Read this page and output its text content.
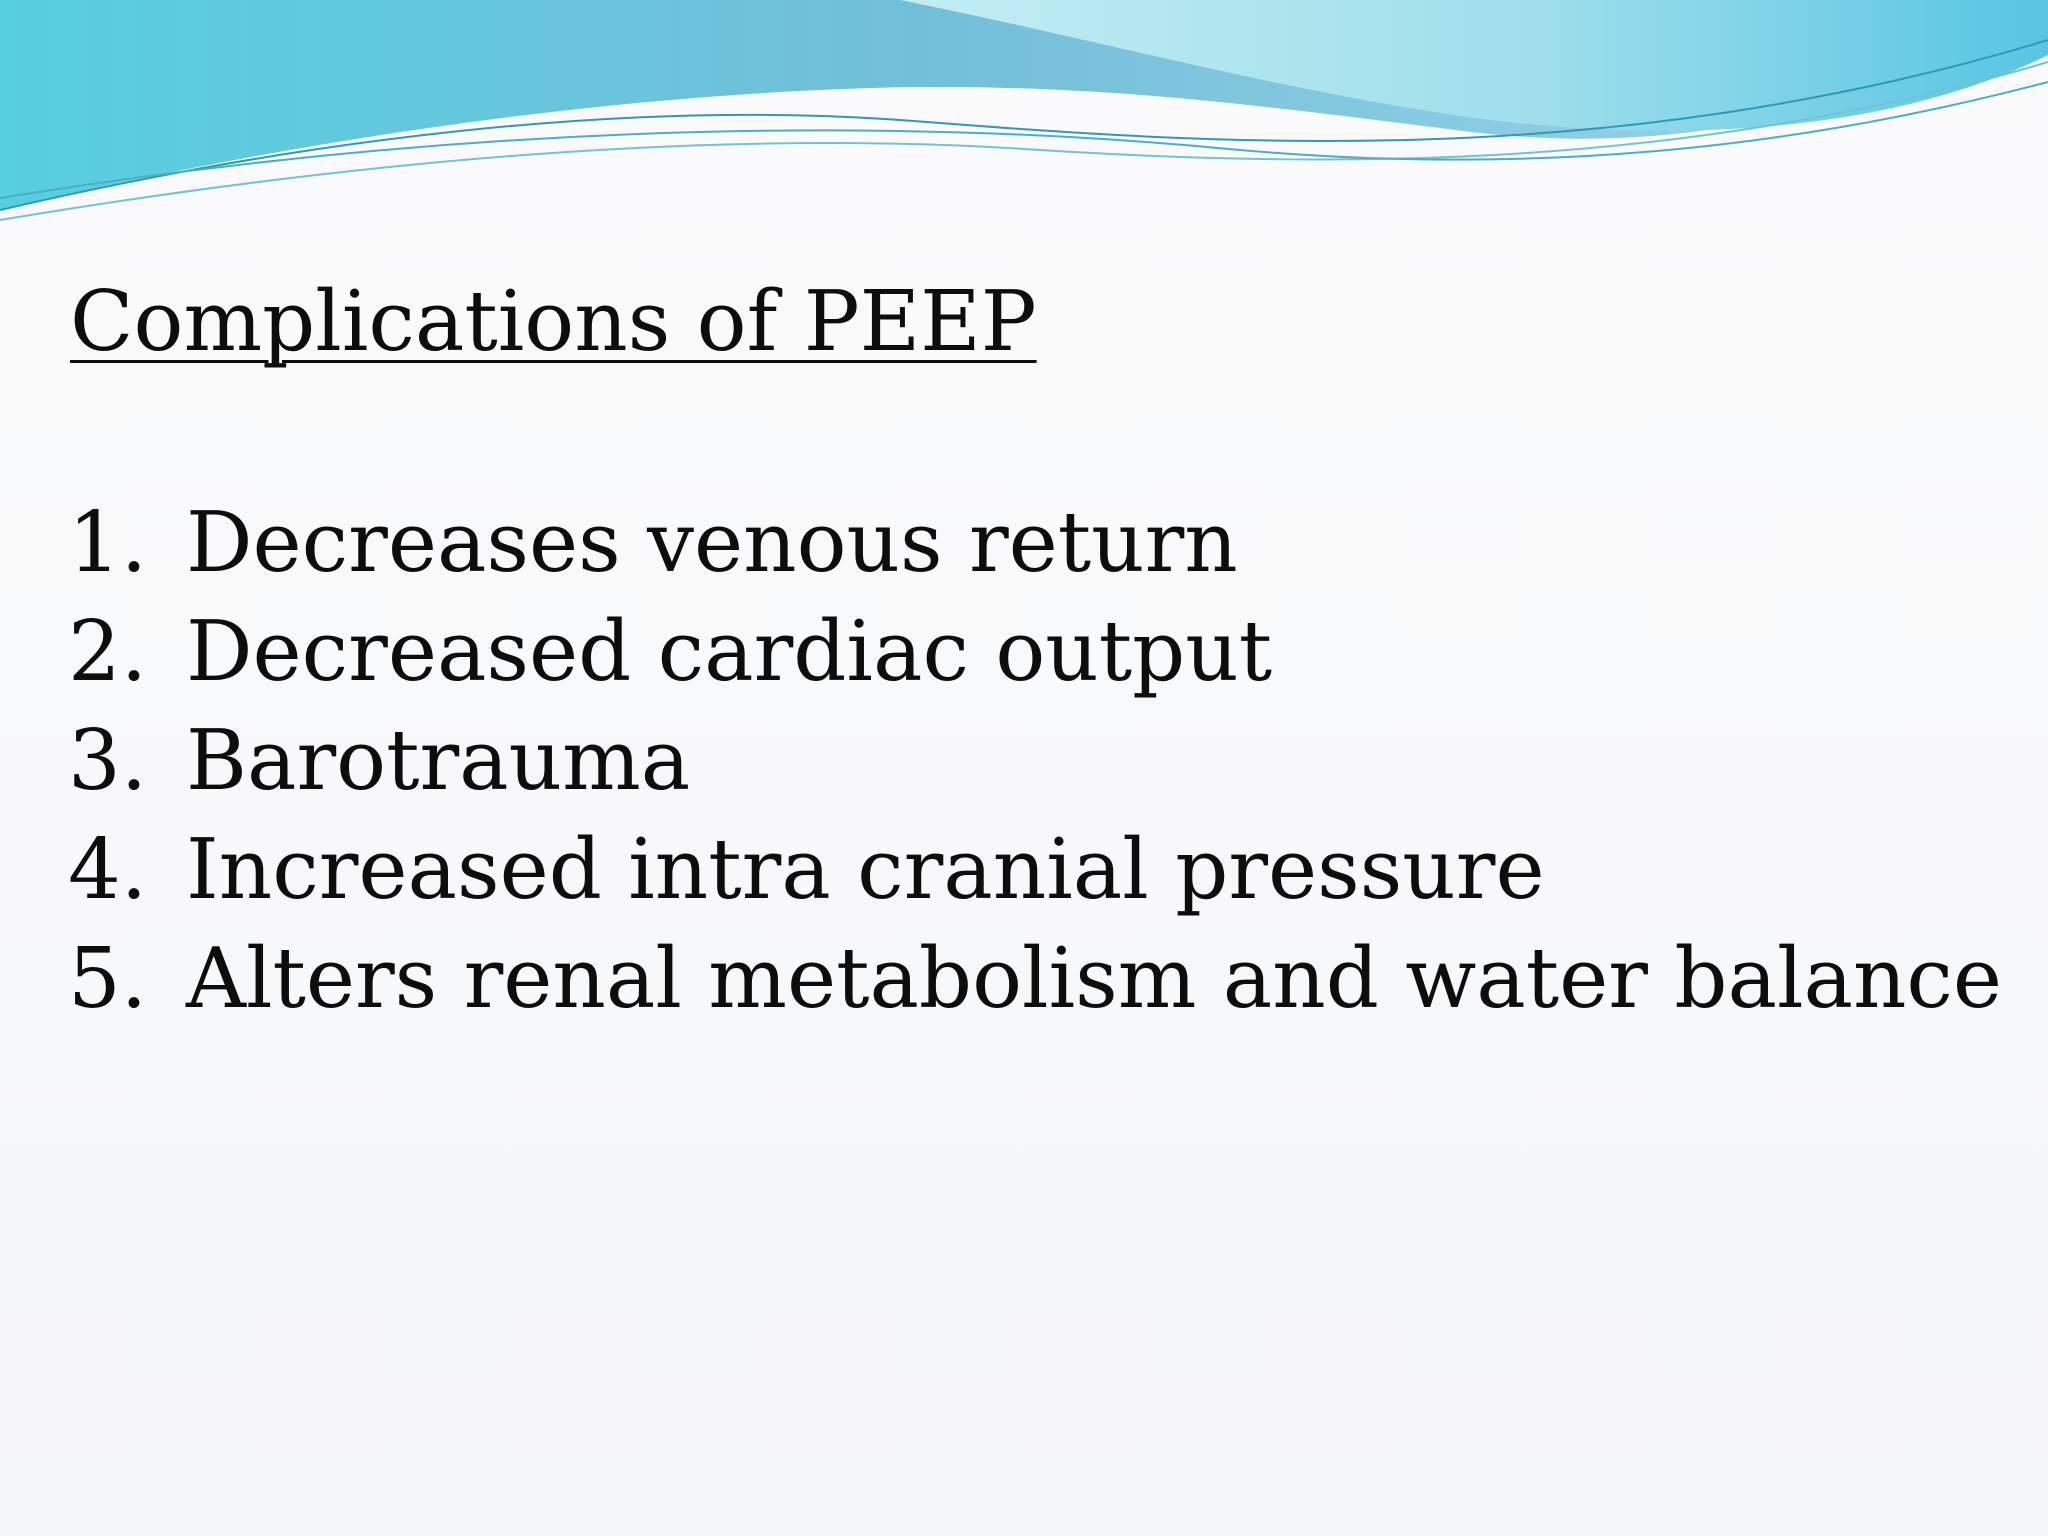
Complications of PEEP
1. Decreases venous return
2. Decreased cardiac output
3. Barotrauma
4. Increased intra cranial pressure
5. Alters renal metabolism and water balance
